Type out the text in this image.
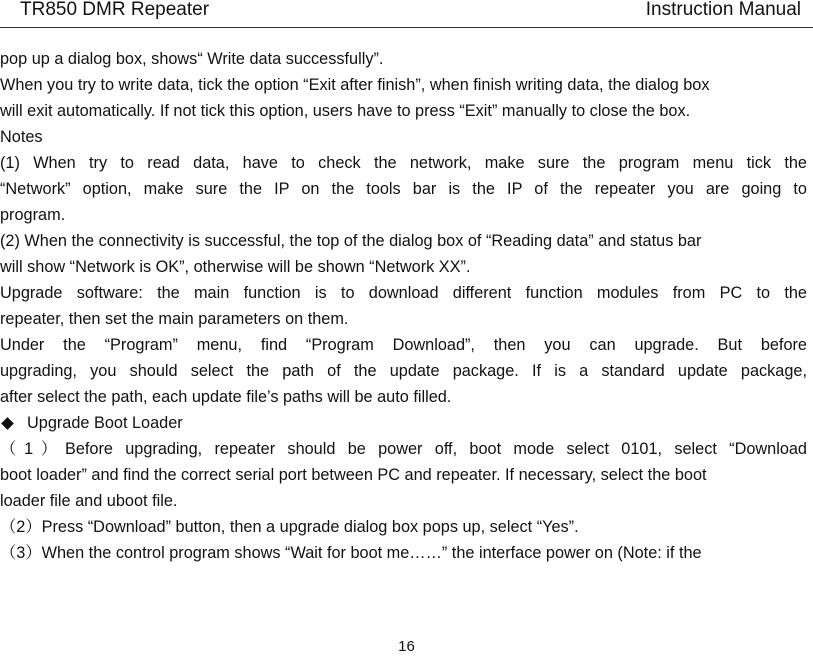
TR850 DMR Repeater	Instruction Manual
pop up a dialog box, shows“ Write data successfully”.
When you try to write data, tick the option “Exit after finish”, when finish writing data, the dialog box
will exit automatically. If not tick this option, users have to press “Exit” manually to close the box.
Notes
(1) When try to read data, have to check the network, make sure the program menu tick the
“Network” option, make sure the IP on the tools bar is the IP of the repeater you are going to
program.
(2) When the connectivity is successful, the top of the dialog box of “Reading data” and status bar
will show “Network is OK”, otherwise will be shown “Network XX”.
Upgrade software: the main function is to download different function modules from PC to the
repeater, then set the main parameters on them.
Under the “Program” menu, find “Program Download”, then you can upgrade. But before
upgrading, you should select the path of the update package. If is a standard update package,
after select the path, each update file’s paths will be auto filled.
Upgrade Boot Loader
（1）Before upgrading, repeater should be power off, boot mode select 0101, select “Download
boot loader” and find the correct serial port between PC and repeater. If necessary, select the boot
loader file and uboot file.
（2）Press “Download” button, then a upgrade dialog box pops up, select “Yes”.
（3）When the control program shows “Wait for boot me……” the interface power on (Note: if the
16
